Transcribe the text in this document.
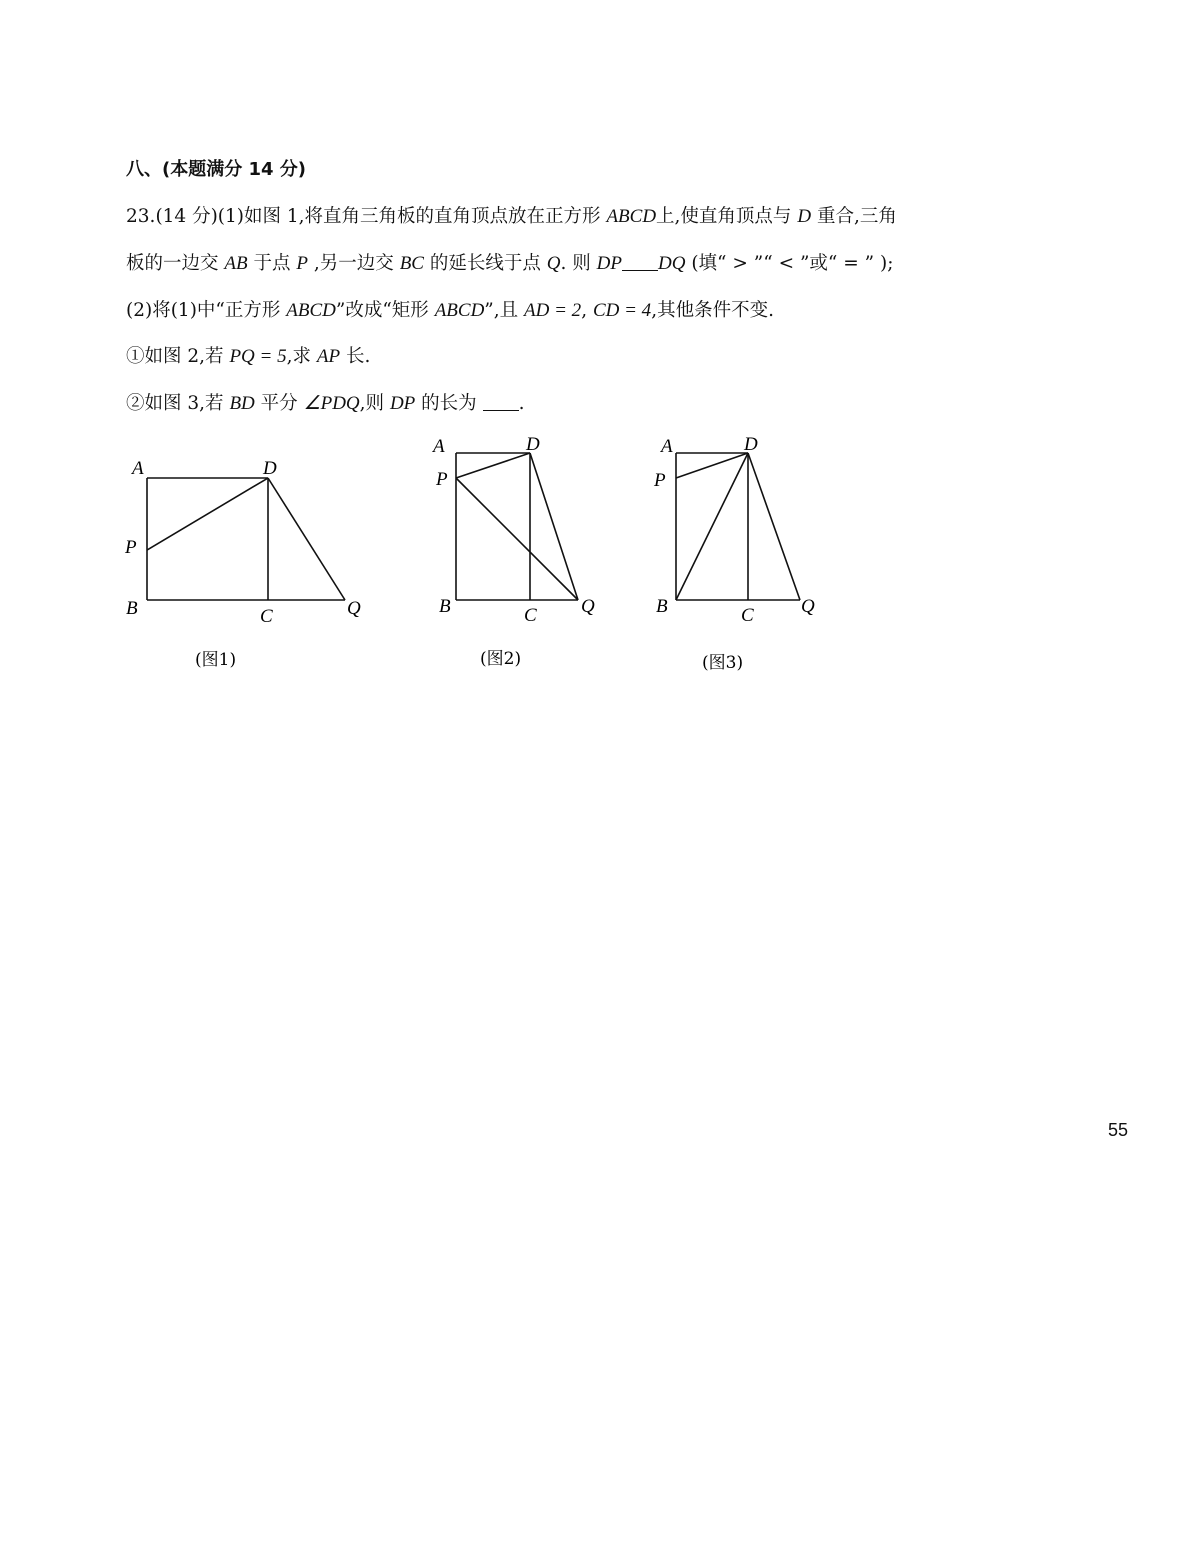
八、(本题满分 14 分)
23.(14 分)(1)如图 1,将直角三角板的直角顶点放在正方形 ABCD上,使直角顶点与 D 重合,三角
板的一边交 AB 于点 P ,另一边交 BC 的延长线于点 Q. 则 DP DQ (填“ > ”“ < ”或“ = ” );
(2)将(1)中“正方形 ABCD”改成“矩形 ABCD”,且 AD = 2, CD = 4,其他条件不变.
①如图 2,若 PQ = 5,求 AP 长.
②如图 3,若 BD 平分 ∠PDQ,则 DP 的长为 .
A	D
P
B	C	Q
(图1)
A	D
P
B	C Q
(图2)
A	D
P
B	C Q
(图3)
55
